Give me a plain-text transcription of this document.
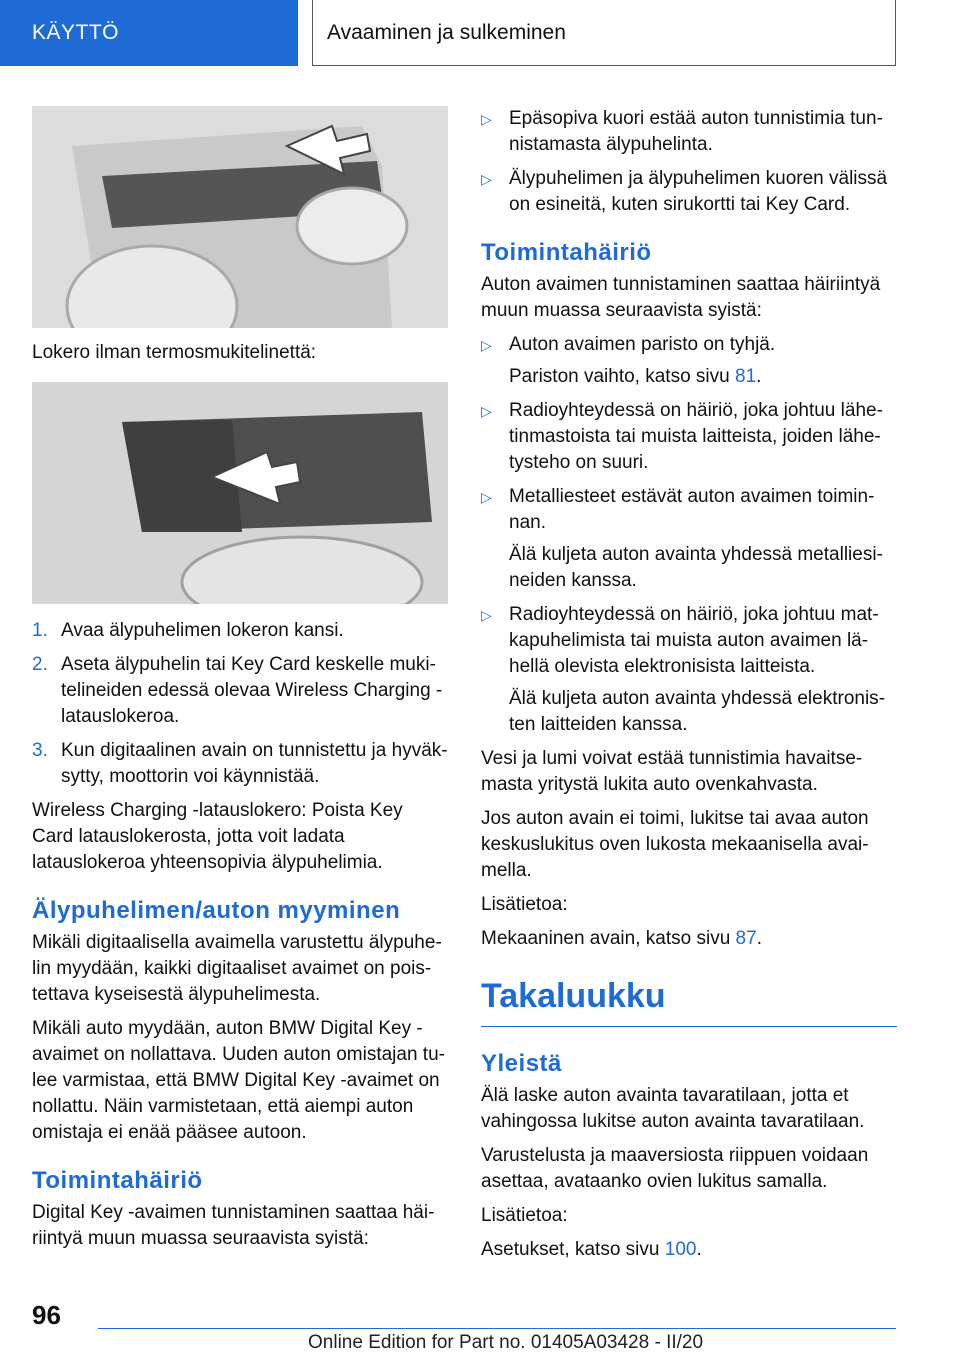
KÄYTTÖ	Avaaminen ja sulkeminen

Lokero ilman termosmukitelinettä:

1. Avaa älypuhelimen lokeron kansi.
2. Aseta älypuhelin tai Key Card keskelle mukitelineiden edessä olevaa Wireless Charging -latauslokeroa.
3. Kun digitaalinen avain on tunnistettu ja hyväksytty, moottorin voi käynnistää.

Wireless Charging -latauslokero: Poista Key Card latauslokerosta, jotta voit ladata latauslokeroa yhteensopivia älypuhelimia.

Älypuhelimen/auton myyminen

Mikäli digitaalisella avaimella varustettu älypuhelin myydään, kaikki digitaaliset avaimet on poistettava kyseisestä älypuhelimesta.

Mikäli auto myydään, auton BMW Digital Key -avaimet on nollattava. Uuden auton omistajan tulee varmistaa, että BMW Digital Key -avaimet on nollattu. Näin varmistetaan, että aiempi auton omistaja ei enää pääsee autoon.

Toimintahäiriö

Digital Key -avaimen tunnistaminen saattaa häiriintyä muun muassa seuraavista syistä:

▷ Epäsopiva kuori estää auton tunnistimia tunnistamasta älypuhelinta.
▷ Älypuhelimen ja älypuhelimen kuoren välissä on esineitä, kuten sirukortti tai Key Card.
Toimintahäiriö

Auton avaimen tunnistaminen saattaa häiriintyä muun muassa seuraavista syistä:

▷ Auton avaimen paristo on tyhjä.

Pariston vaihto, katso sivu 81.

▷ Radioyhteydessä on häiriö, joka johtuu lähetinmastoista tai muista laitteista, joiden lähetysteho on suuri.

▷ Metalliesteet estävät auton avaimen toiminnan.

Älä kuljeta auton avainta yhdessä metalliesineiden kanssa.

▷ Radioyhteydessä on häiriö, joka johtuu matkapuhelimista tai muista auton avaimen lähellä olevista elektronisista laitteista.

Älä kuljeta auton avainta yhdessä elektronisten laitteiden kanssa.

Vesi ja lumi voivat estää tunnistimia havaitsemasta yritystä lukita auto ovenkahvasta.

Jos auton avain ei toimi, lukitse tai avaa auton keskuslukitus oven lukosta mekaanisella avaimella.

Lisätietoa:

Mekaaninen avain, katso sivu 87.

Takaluukku
Yleistä

Älä laske auton avainta tavaratilaan, jotta et vahingossa lukitse auton avainta tavaratilaan.

Varustelusta ja maaversiosta riippuen voidaan asettaa, avataanko ovien lukitus samalla.

Lisätietoa:

Asetukset, katso sivu 100.

96
Online Edition for Part no. 01405A03428 - II/20
